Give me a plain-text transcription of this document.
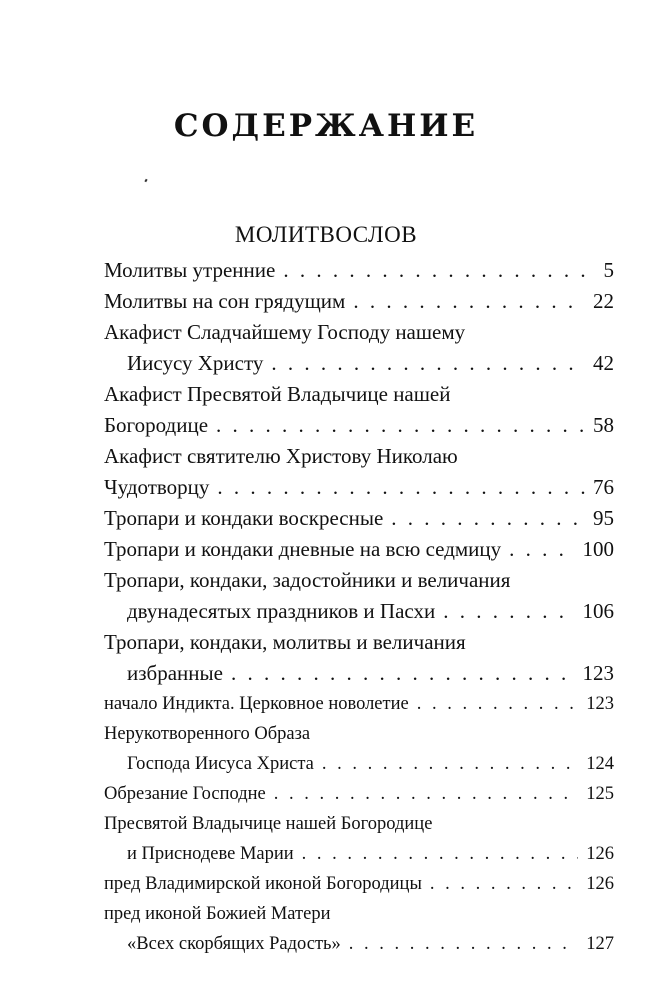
СОДЕРЖАНИЕ
МОЛИТВОСЛОВ
Молитвы утренние . . .	5
Молитвы на сон грядущим . . .	22
Акафист Сладчайшему Господу нашему
Иисусу Христу . . .	42
Акафист Пресвятой Владычице нашей
Богородице . . .	58
Акафист святителю Христову Николаю
Чудотворцу . . .	76
Тропари и кондаки воскресные . . .	95
Тропари и кондаки дневные на всю седмицу . . .	100
Тропари, кондаки, задостойники и величания
двунадесятых праздников и Пасхи . . .	106
Тропари, кондаки, молитвы и величания
избранные . . .	123
начало Индикта. Церковное новолетие . . .	123
Нерукотворенного Образа
Господа Иисуса Христа . . .	124
Обрезание Господне . . .	125
Пресвятой Владычице нашей Богородице
и Приснодеве Марии . . .	126
пред Владимирской иконой Богородицы . . .	126
пред иконой Божией Матери
«Всех скорбящих Радость» . . .	127
